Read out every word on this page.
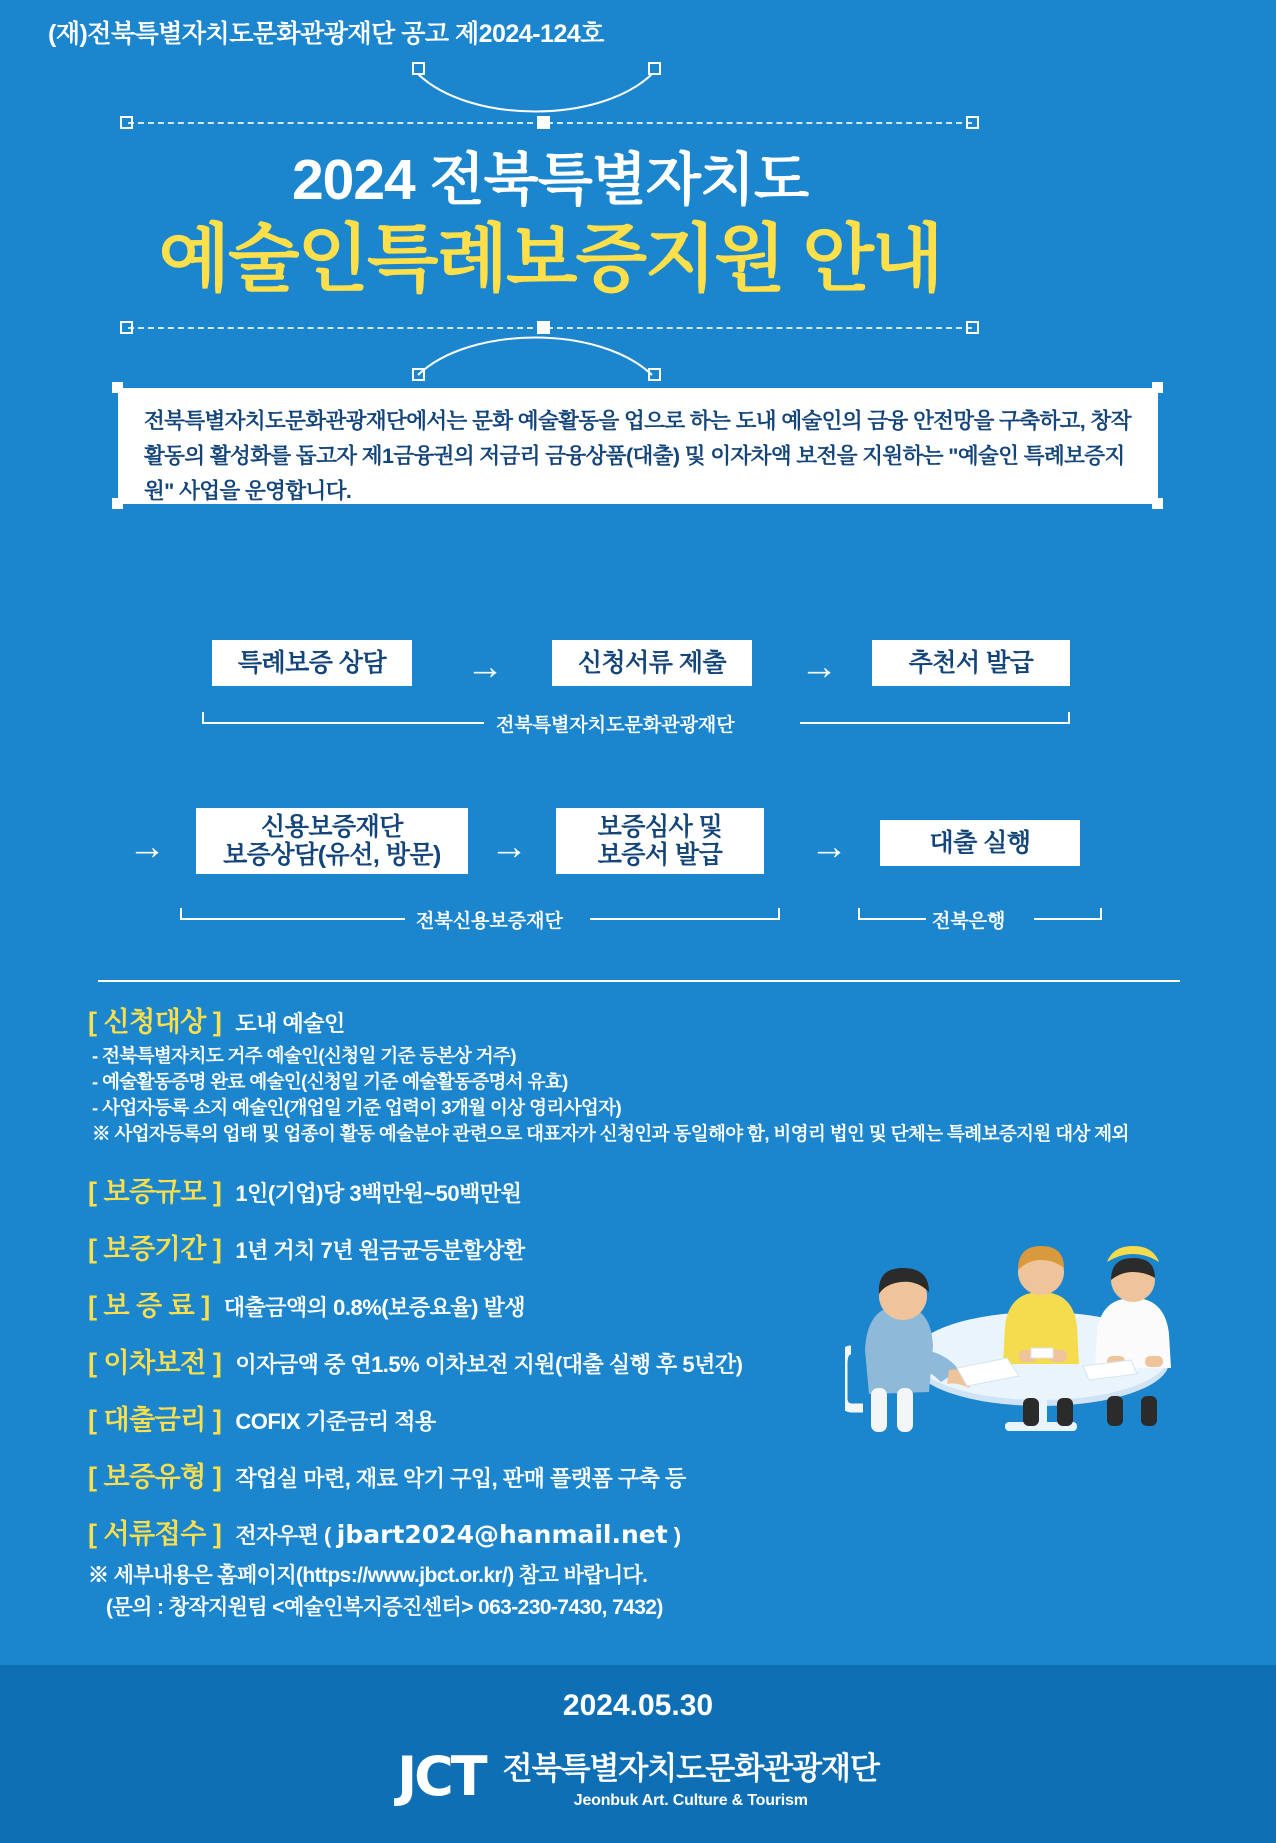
(재)전북특별자치도문화관광재단 공고 제2024-124호
2024 전북특별자치도
예술인특례보증지원 안내
전북특별자치도문화관광재단에서는 문화 예술활동을 업으로 하는 도내 예술인의 금융 안전망을 구축하고, 창작 활동의 활성화를 돕고자 제1금융권의 저금리 금융상품(대출) 및 이자차액 보전을 지원하는 "예술인 특례보증지원" 사업을 운영합니다.
특례보증 상담	→	신청서류 제출	→	추천서 발급
전북특별자치도문화관광재단
→	신용보증재단
보증상담(유선, 방문) →	보증심사 및
보증서 발급 →	대출 실행
전북신용보증재단	전북은행
[ 신청대상 ] 도내 예술인
- 전북특별자치도 거주 예술인(신청일 기준 등본상 거주)
- 예술활동증명 완료 예술인(신청일 기준 예술활동증명서 유효)
- 사업자등록 소지 예술인(개업일 기준 업력이 3개월 이상 영리사업자)
※ 사업자등록의 업태 및 업종이 활동 예술분야 관련으로 대표자가 신청인과 동일해야 함, 비영리 법인 및 단체는 특례보증지원 대상 제외
[ 보증규모 ] 1인(기업)당 3백만원~50백만원
[ 보증기간 ] 1년 거치 7년 원금균등분할상환
[ 보 증 료 ] 대출금액의 0.8%(보증요율) 발생
[ 이차보전 ] 이자금액 중 연1.5% 이차보전 지원(대출 실행 후 5년간)
[ 대출금리 ] COFIX 기준금리 적용
[ 보증유형 ] 작업실 마련, 재료 악기 구입, 판매 플랫폼 구축 등
[ 서류접수 ] 전자우편 ( jbart2024@hanmail.net )
※ 세부내용은 홈페이지(https://www.jbct.or.kr/) 참고 바랍니다.
(문의 : 창작지원팀 <예술인복지증진센터> 063-230-7430, 7432)
2024.05.30
JCT 전북특별자치도문화관광재단
Jeonbuk Art. Culture & Tourism
